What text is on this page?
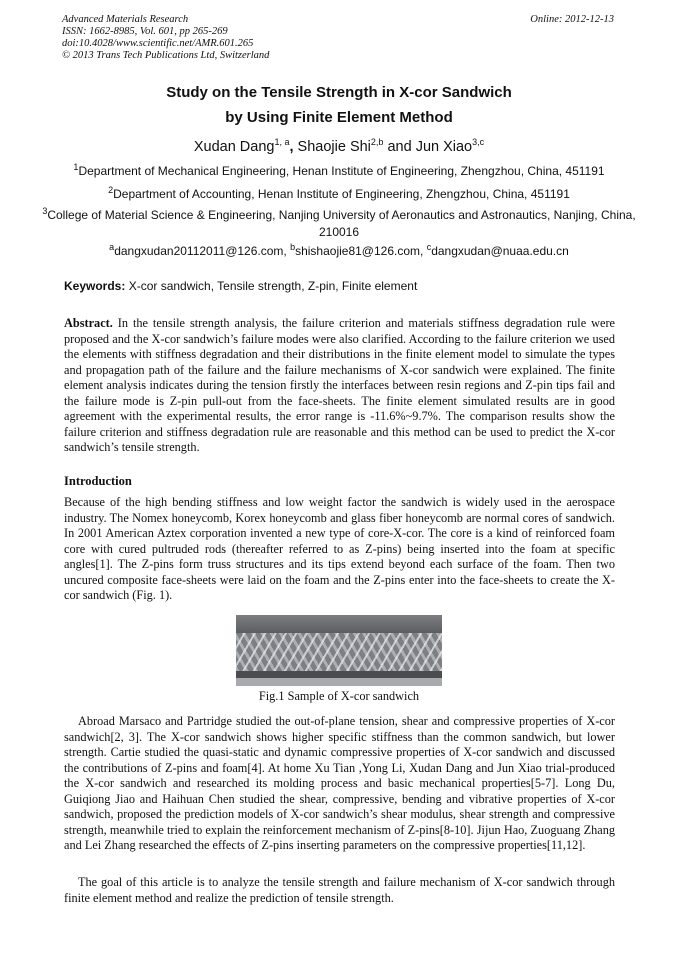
Advanced Materials Research
ISSN: 1662-8985, Vol. 601, pp 265-269
doi:10.4028/www.scientific.net/AMR.601.265
© 2013 Trans Tech Publications Ltd, Switzerland
Online: 2012-12-13
Study on the Tensile Strength in X-cor Sandwich
by Using Finite Element Method
Xudan Dang$^{1, a}$, Shaojie Shi$^{2,b}$ and Jun Xiao$^{3,c}$
$^1$Department of Mechanical Engineering, Henan Institute of Engineering, Zhengzhou, China, 451191
$^2$Department of Accounting, Henan Institute of Engineering, Zhengzhou, China, 451191
$^3$College of Material Science & Engineering, Nanjing University of Aeronautics and Astronautics, Nanjing, China, 210016
$^a$dangxudan20112011@126.com, $^b$shishaojie81@126.com, $^c$dangxudan@nuaa.edu.cn
Keywords: X-cor sandwich, Tensile strength, Z-pin, Finite element
Abstract. In the tensile strength analysis, the failure criterion and materials stiffness degradation rule were proposed and the X-cor sandwich’s failure modes were also clarified. According to the failure criterion we used the elements with stiffness degradation and their distributions in the finite element model to simulate the types and propagation path of the failure and the failure mechanisms of X-cor sandwich were explained. The finite element analysis indicates during the tension firstly the interfaces between resin regions and Z-pin tips fail and the failure mode is Z-pin pull-out from the face-sheets. The finite element simulated results are in good agreement with the experimental results, the error range is -11.6%~9.7%. The comparison results show the failure criterion and stiffness degradation rule are reasonable and this method can be used to predict the X-cor sandwich’s tensile strength.
Introduction
Because of the high bending stiffness and low weight factor the sandwich is widely used in the aerospace industry. The Nomex honeycomb, Korex honeycomb and glass fiber honeycomb are normal cores of sandwich. In 2001 American Aztex corporation invented a new type of core-X-cor. The core is a kind of reinforced foam core with cured pultruded rods (thereafter referred to as Z-pins) being inserted into the foam at specific angles[1]. The Z-pins form truss structures and its tips extend beyond each surface of the foam. Then two uncured composite face-sheets were laid on the foam and the Z-pins enter into the face-sheets to create the X-cor sandwich (Fig. 1).
Fig.1 Sample of X-cor sandwich
Abroad Marsaco and Partridge studied the out-of-plane tension, shear and compressive properties of X-cor sandwich[2, 3]. The X-cor sandwich shows higher specific stiffness than the common sandwich, but lower strength. Cartie studied the quasi-static and dynamic compressive properties of X-cor sandwich and discussed the contributions of Z-pins and foam[4]. At home Xu Tian ,Yong Li, Xudan Dang and Jun Xiao trial-produced the X-cor sandwich and researched its molding process and basic mechanical properties[5-7]. Long Du, Guiqiong Jiao and Haihuan Chen studied the shear, compressive, bending and vibrative properties of X-cor sandwich, proposed the prediction models of X-cor sandwich’s shear modulus, shear strength and compressive strength, meanwhile tried to explain the reinforcement mechanism of Z-pins[8-10]. Jijun Hao, Zuoguang Zhang and Lei Zhang researched the effects of Z-pins inserting parameters on the compressive properties[11,12].
The goal of this article is to analyze the tensile strength and failure mechanism of X-cor sandwich through finite element method and realize the prediction of tensile strength.
